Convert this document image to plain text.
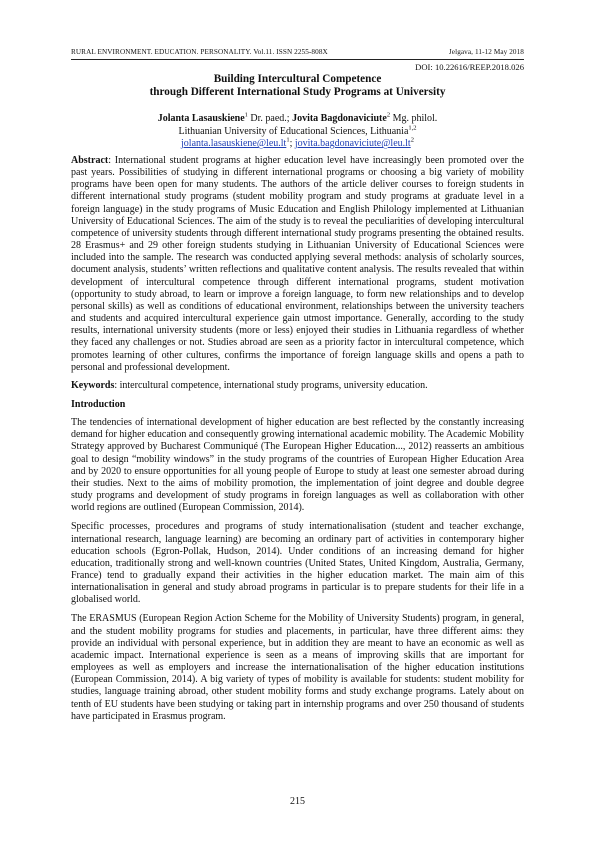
RURAL ENVIRONMENT. EDUCATION. PERSONALITY. Vol.11. ISSN 2255-808X	Jelgava, 11-12 May 2018
DOI: 10.22616/REEP.2018.026

Building Intercultural Competence

through Different International Study Programs at University

Jolanta Lasauskiene$^1$ Dr. paed.; Jovita Bagdonaviciute$^2$ Mg. philol.
Lithuanian University of Educational Sciences, Lithuania$^{1,2}$
$jolanta.lasauskiene@leu.lt^1$; $jovita.bagdonaviciute@leu.lt^2$

Abstract: International student programs at higher education level have increasingly been promoted over the past years. Possibilities of studying in different international programs or choosing a big variety of mobility programs have been open for many students. The authors of the article deliver courses to foreign students in different international study programs (student mobility program and study programs at graduate level in a foreign language) in the study programs of Music Education and English Philology implemented at Lithuanian University of Educational Sciences. The aim of the study is to reveal the peculiarities of developing intercultural competence of university students through different international study programs presenting the obtained results. 28 Erasmus+ and 29 other foreign students studying in Lithuanian University of Educational Sciences were included into the sample. The research was conducted applying several methods: analysis of scholarly sources, document analysis, students’ written reflections and qualitative content analysis. The results revealed that within development of intercultural competence through different international programs, student motivation (opportunity to study abroad, to learn or improve a foreign language, to form new relationships and to develop personal skills) as well as conditions of educational environment, relationships between the university teachers and students and acquired intercultural experience gain utmost importance. Generally, according to the study results, international university students (more or less) enjoyed their studies in Lithuania regardless of whether they faced any challenges or not. Studies abroad are seen as a priority factor in intercultural competence, which promotes learning of other cultures, confirms the importance of foreign language skills and opens a path to personal and professional development.

Keywords: intercultural competence, international study programs, university education.

Introduction

The tendencies of international development of higher education are best reflected by the constantly increasing demand for higher education and consequently growing international academic mobility. The Academic Mobility Strategy approved by Bucharest Communiqué (The European Higher Education..., 2012) reasserts an ambitious goal to design “mobility windows” in the study programs of the countries of European Higher Education Area and by 2020 to ensure opportunities for all young people of Europe to study at least one semester abroad during their studies. Next to the aims of mobility promotion, the implementation of joint degree and double degree study programs and development of study programs in foreign languages as well as collaboration with other world regions are outlined (European Commission, 2014).

Specific processes, procedures and programs of study internationalisation (student and teacher exchange, international research, language learning) are becoming an ordinary part of activities in contemporary higher education schools (Egron-Pollak, Hudson, 2014). Under conditions of an increasing demand for higher education, traditionally strong and well-known countries (United States, United Kingdom, Australia, Germany, France) tend to gradually expand their activities in the higher education market. The main aim of this internationalisation in general and study abroad programs in particular is to prepare students for their life in a globalised world.

The ERASMUS (European Region Action Scheme for the Mobility of University Students) program, in general, and the student mobility programs for studies and placements, in particular, have three different aims: they provide an individual with personal experience, but in addition they are meant to have an economic as well as academic impact. International experience is seen as a means of improving skills that are important for employees as well as employers and increase the internationalisation of the higher education institutions (European Commission, 2014). A big variety of types of mobility is available for students: student mobility for studies, language training abroad, other student mobility forms and study exchange programs. Lately about on tenth of EU students have been studying or taking part in internship programs and over 250 thousand of students have participated in Erasmus program.

215
